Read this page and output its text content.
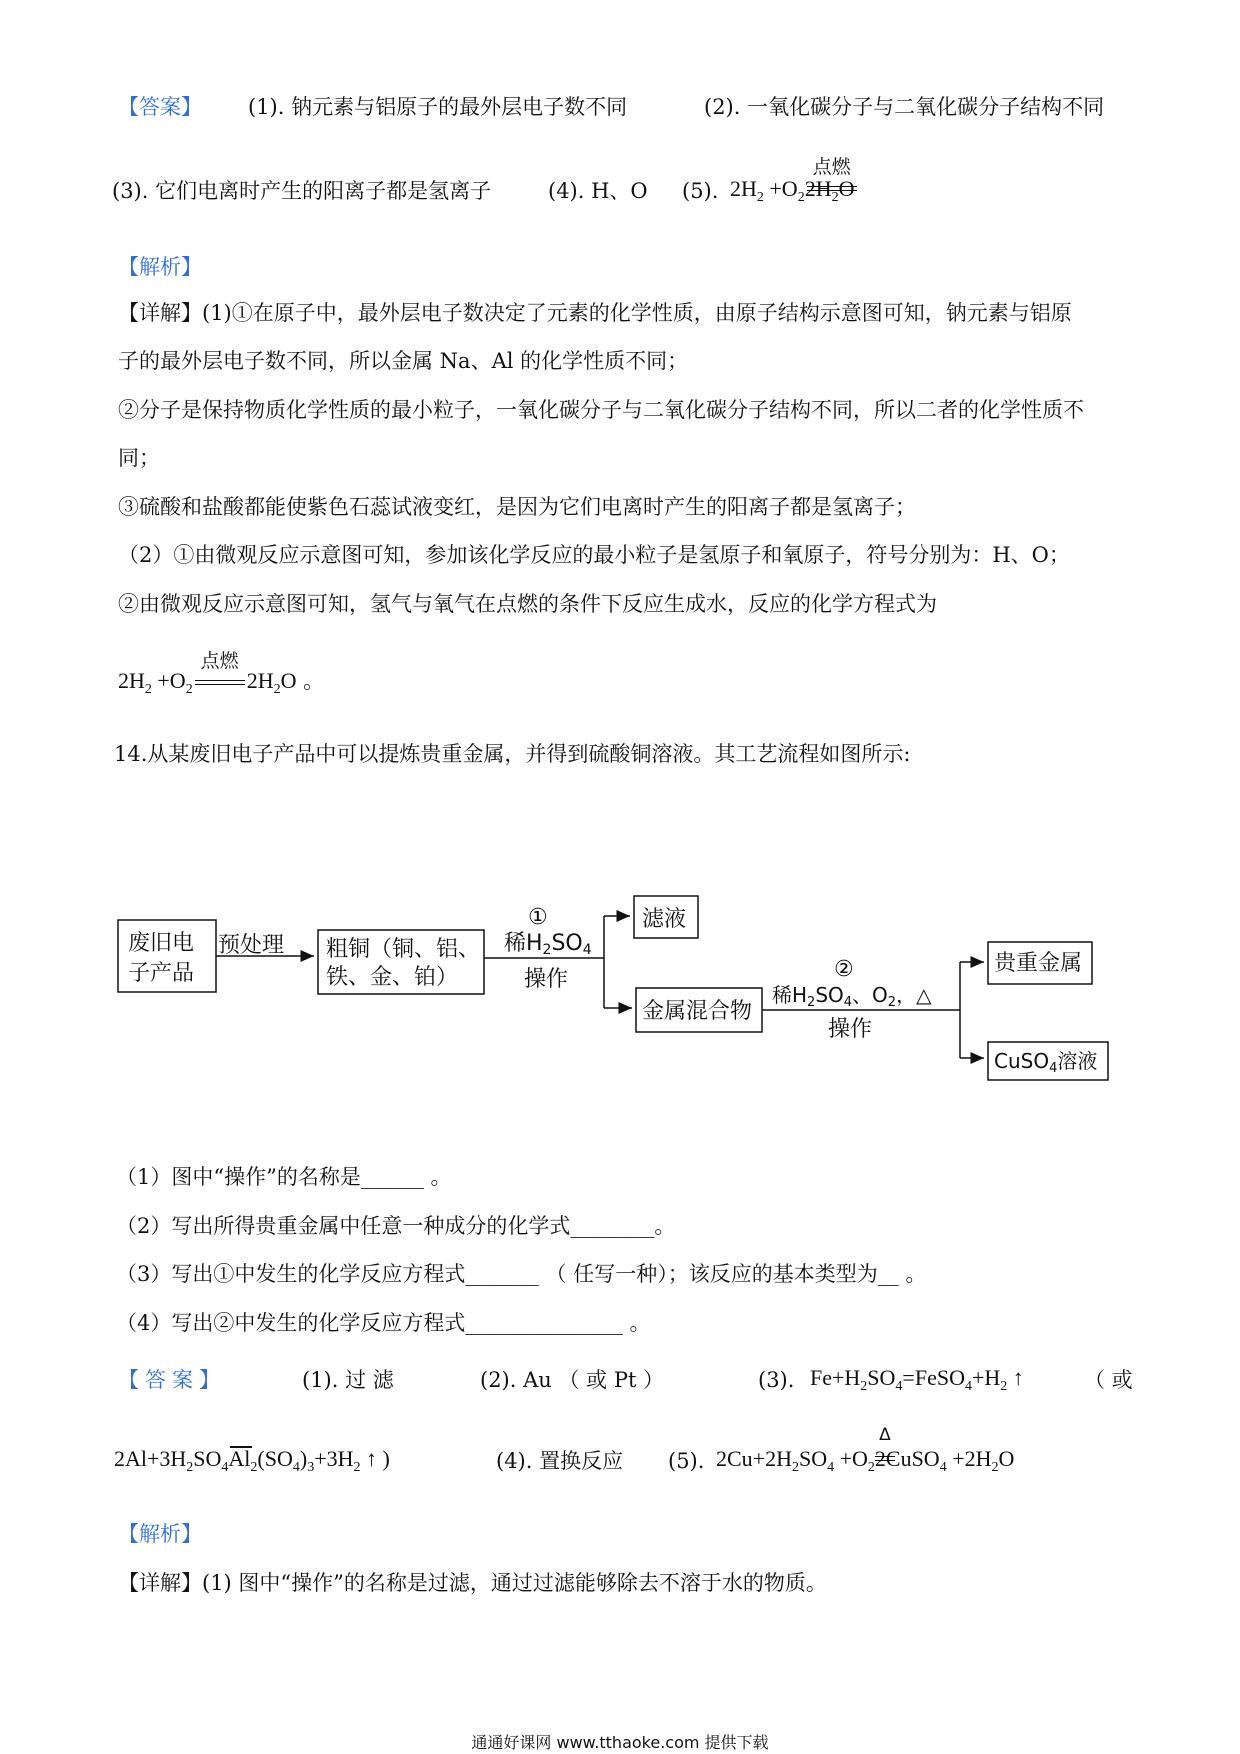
【答案】 (1). 钠元素与铝原子的最外层电子数不同	(2). 一氧化碳分子与二氧化碳分子结构不同
(3). 它们电离时产生的阳离子都是氢离子	(4). H、O (5). $2H_2 +O_2$
点燃
$2H_2O$
【解析】
【详解】(1)①在原子中，最外层电子数决定了元素的化学性质，由原子结构示意图可知，钠元素与铝原
子的最外层电子数不同，所以金属 Na、Al 的化学性质不同；
②分子是保持物质化学性质的最小粒子，一氧化碳分子与二氧化碳分子结构不同，所以二者的化学性质不
同；
③硫酸和盐酸都能使紫色石蕊试液变红，是因为它们电离时产生的阳离子都是氢离子；
（2）①由微观反应示意图可知，参加该化学反应的最小粒子是氢原子和氧原子，符号分别为：H、O；
②由微观反应示意图可知，氢气与氧气在点燃的条件下反应生成水，反应的化学方程式为
$2H_2 +O_2$
点燃
$2H_2O$ 。
14.从某废旧电子产品中可以提炼贵重金属，并得到硫酸铜溶液。其工艺流程如图所示:
废旧电
子产品
预处理 粗铜（铜、铝、
铁、金、铂）
①
稀H2SO4
操作
滤液
金属混合物
②
稀$H_2SO_4$、$O_2$，△
操作
贵重金属
CuSO$_4$溶液
（1）图中“操作”的名称是______ 。
（2）写出所得贵重金属中任意一种成分的化学式________。
（3）写出①中发生的化学反应方程式_______ （ 任写一种）；该反应的基本类型为__ 。
（4）写出②中发生的化学反应方程式_______________ 。
【答案】	(1). 过 滤	(2). Au （ 或 Pt ）	(3). $Fe+H_2SO_4=FeSO_4+H_2$ ↑	（ 或
$2Al+3H_2SO_4$
$Al_2(SO_4)_3+3H_2$ ↑ )	(4). 置换反应 (5). $2Cu+2H_2SO_4 +O_2$
Δ
2CuSO$_4$ $+2H_2O$
【解析】
【详解】(1) 图中“操作”的名称是过滤，通过过滤能够除去不溶于水的物质。
通通好课网 www.tthaoke.com 提供下载
